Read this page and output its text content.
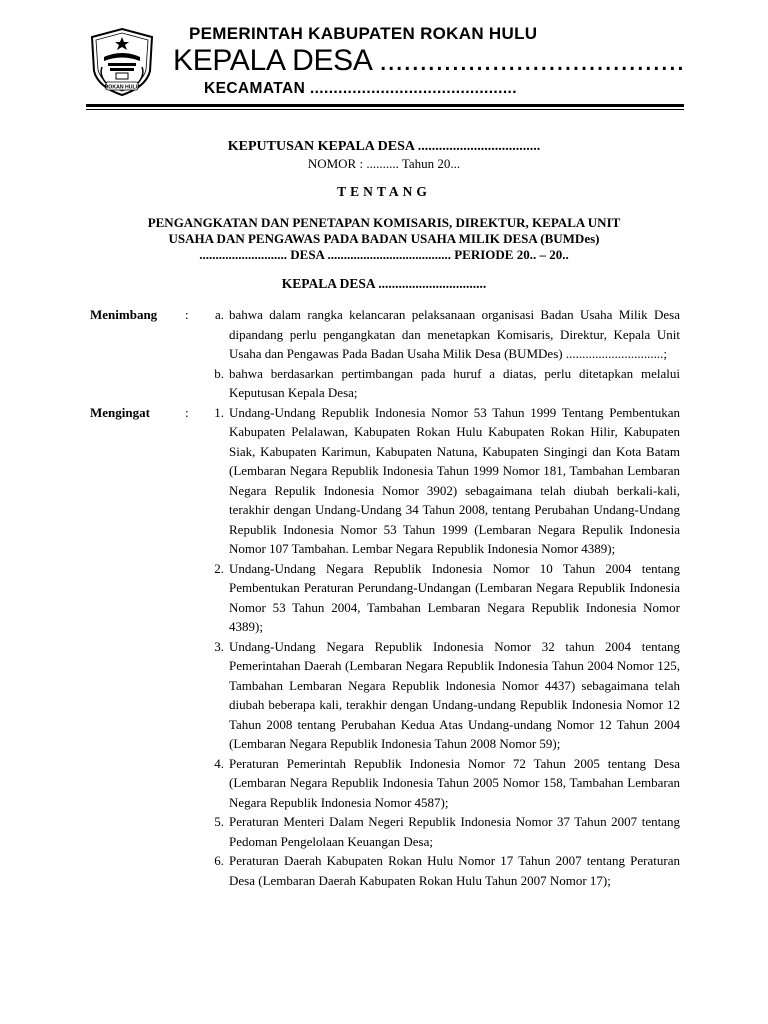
ROKAN HULU
PEMERINTAH KABUPATEN ROKAN HULU
KEPALA DESA ......................................
KECAMATAN ............................................
KEPUTUSAN KEPALA DESA ...................................
NOMOR : .......... Tahun 20...
TENTANG
PENGANGKATAN DAN PENETAPAN KOMISARIS, DIREKTUR, KEPALA UNIT
USAHA DAN PENGAWAS PADA BADAN USAHA MILIK DESA (BUMDes)
........................... DESA ...................................... PERIODE 20.. – 20..
KEPALA DESA ................................
Menimbang	:	a. bahwa dalam rangka kelancaran pelaksanaan organisasi Badan Usaha Milik Desa dipandang perlu pengangkatan dan menetapkan Komisaris, Direktur, Kepala Unit Usaha dan Pengawas Pada Badan Usaha Milik Desa (BUMDes) ..............................;
b. bahwa berdasarkan pertimbangan pada huruf a diatas, perlu ditetapkan melalui Keputusan Kepala Desa;
Mengingat	:	1. Undang-Undang Republik Indonesia Nomor 53 Tahun 1999 Tentang Pembentukan Kabupaten Pelalawan, Kabupaten Rokan Hulu Kabupaten Rokan Hilir, Kabupaten Siak, Kabupaten Karimun, Kabupaten Natuna, Kabupaten Singingi dan Kota Batam (Lembaran Negara Republik Indonesia Tahun 1999 Nomor 181, Tambahan Lembaran Negara Repulik Indonesia Nomor 3902) sebagaimana telah diubah berkali-kali, terakhir dengan Undang-Undang 34 Tahun 2008, tentang Perubahan Undang-Undang Republik Indonesia Nomor 53 Tahun 1999 (Lembaran Negara Repulik Indonesia Nomor 107 Tambahan. Lembar Negara Republik Indonesia Nomor 4389);
2. Undang-Undang Negara Republik Indonesia Nomor 10 Tahun 2004 tentang Pembentukan Peraturan Perundang-Undangan (Lembaran Negara Republik Indonesia Nomor 53 Tahun 2004, Tambahan Lembaran Negara Republik Indonesia Nomor 4389);
3. Undang-Undang Negara Republik Indonesia Nomor 32 tahun 2004 tentang Pemerintahan Daerah (Lembaran Negara Republik Indonesia Tahun 2004 Nomor 125, Tambahan Lembaran Negara Republik lndonesia Nomor 4437) sebagaimana telah diubah beberapa kali, terakhir dengan Undang-undang Republik Indonesia Nomor 12 Tahun 2008 tentang Perubahan Kedua Atas Undang-undang Nomor 12 Tahun 2004 (Lembaran Negara Republik Indonesia Tahun 2008 Nomor 59);
4. Peraturan Pemerintah Republik Indonesia Nomor 72 Tahun 2005 tentang Desa (Lembaran Negara Republik Indonesia Tahun 2005 Nomor 158, Tambahan Lembaran Negara Republik Indonesia Nomor 4587);
5. Peraturan Menteri Dalam Negeri Republik Indonesia Nomor 37 Tahun 2007 tentang Pedoman Pengelolaan Keuangan Desa;
6. Peraturan Daerah Kabupaten Rokan Hulu Nomor 17 Tahun 2007 tentang Peraturan Desa (Lembaran Daerah Kabupaten Rokan Hulu Tahun 2007 Nomor 17);
